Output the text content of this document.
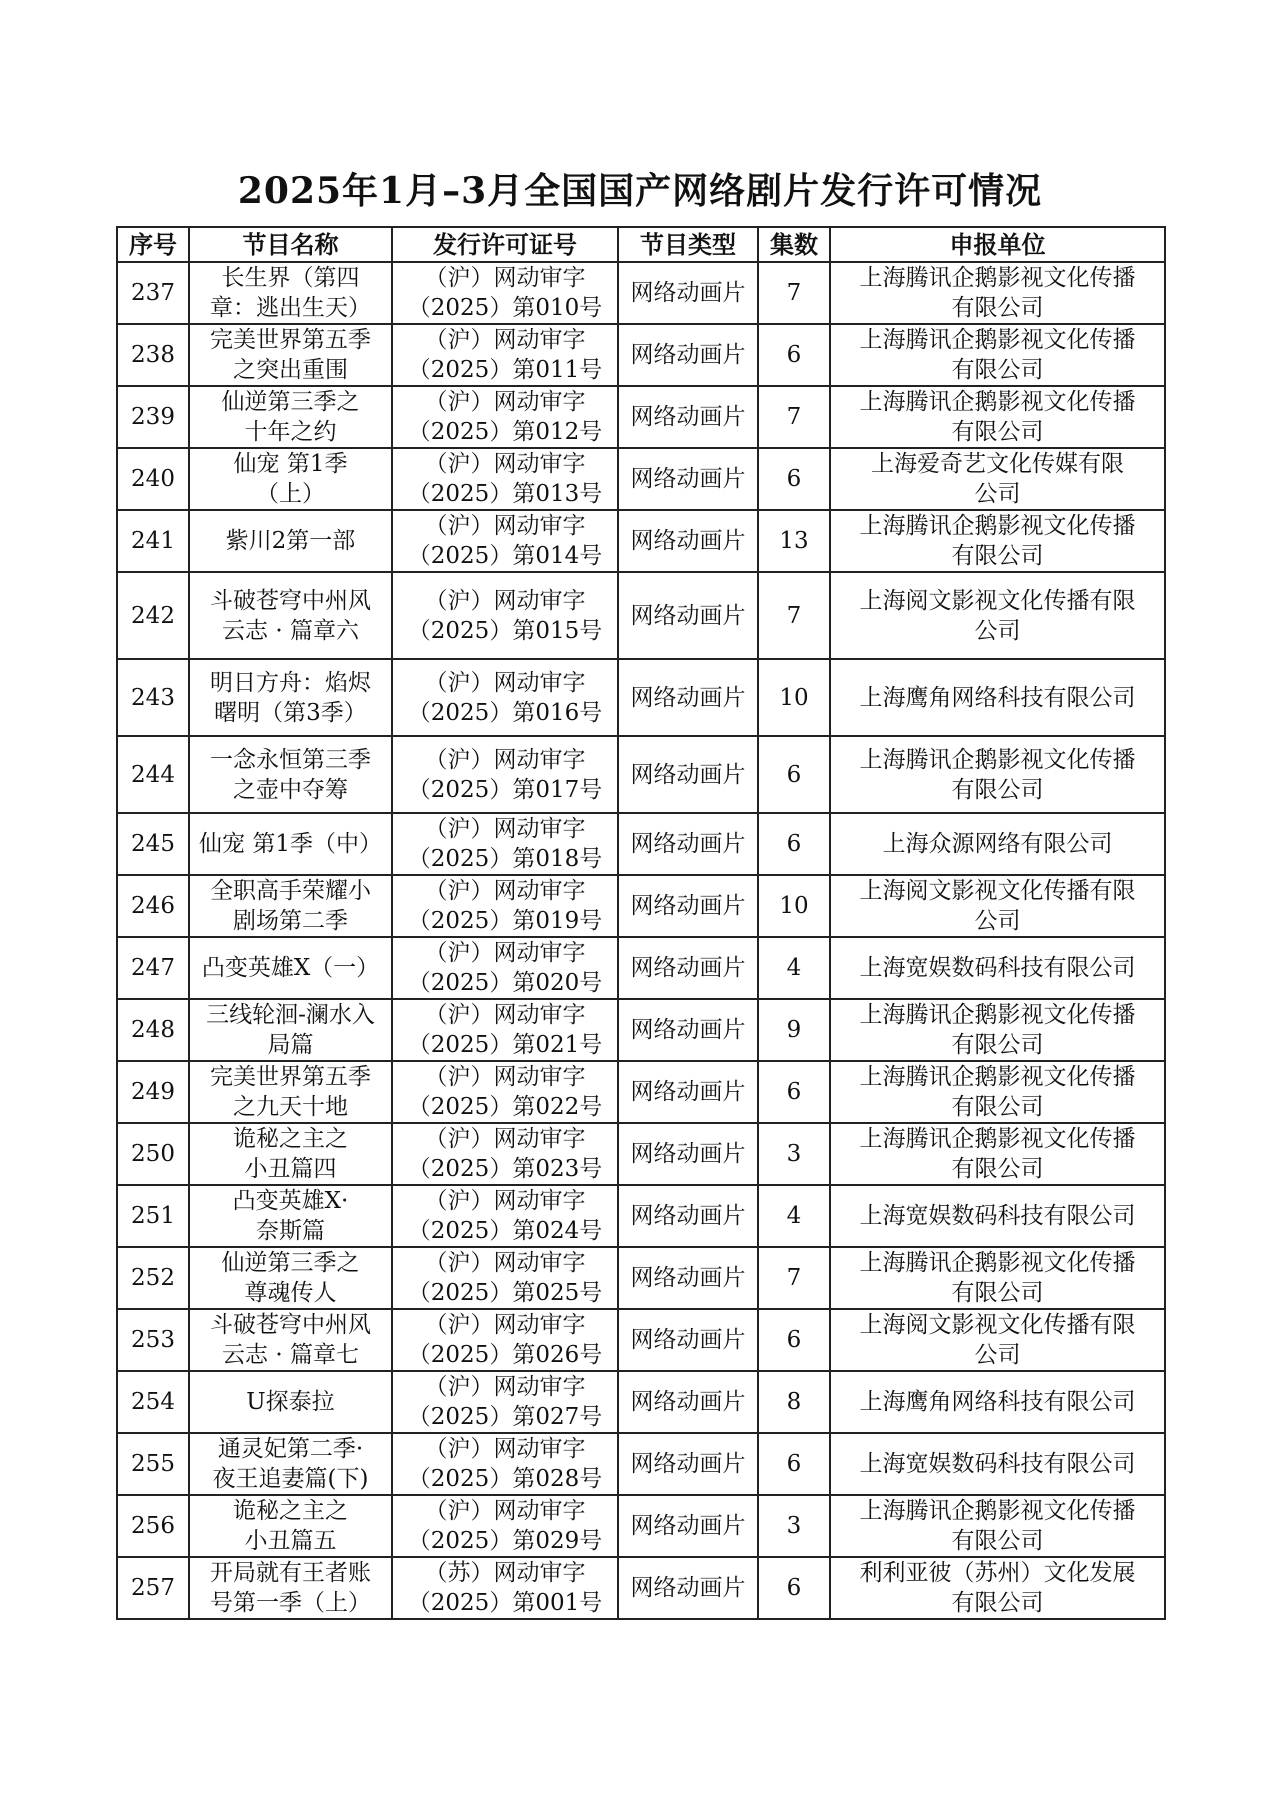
2025年1月–3月全国国产网络剧片发行许可情况
序号	节目名称	发行许可证号	节目类型	集数	申报单位
237	长生界（第四
章：逃出生天）	（沪）网动审字
（2025）第010号	网络动画片	7	上海腾讯企鹅影视文化传播
有限公司
238	完美世界第五季
之突出重围	（沪）网动审字
（2025）第011号	网络动画片	6	上海腾讯企鹅影视文化传播
有限公司
239	仙逆第三季之
十年之约	（沪）网动审字
（2025）第012号	网络动画片	7	上海腾讯企鹅影视文化传播
有限公司
240	仙宠 第1季
（上）	（沪）网动审字
（2025）第013号	网络动画片	6	上海爱奇艺文化传媒有限
公司
241	紫川2第一部	（沪）网动审字
（2025）第014号	网络动画片	13	上海腾讯企鹅影视文化传播
有限公司
242	斗破苍穹中州风
云志 · 篇章六	（沪）网动审字
（2025）第015号	网络动画片	7	上海阅文影视文化传播有限
公司
243	明日方舟：焰烬
曙明（第3季）	（沪）网动审字
（2025）第016号	网络动画片	10	上海鹰角网络科技有限公司
244	一念永恒第三季
之壶中夺筹	（沪）网动审字
（2025）第017号	网络动画片	6	上海腾讯企鹅影视文化传播
有限公司
245	仙宠 第1季（中）	（沪）网动审字
（2025）第018号	网络动画片	6	上海众源网络有限公司
246	全职高手荣耀小
剧场第二季	（沪）网动审字
（2025）第019号	网络动画片	10	上海阅文影视文化传播有限
公司
247	凸变英雄X（一）	（沪）网动审字
（2025）第020号	网络动画片	4	上海宽娱数码科技有限公司
248	三线轮洄-澜水入
局篇	（沪）网动审字
（2025）第021号	网络动画片	9	上海腾讯企鹅影视文化传播
有限公司
249	完美世界第五季
之九天十地	（沪）网动审字
（2025）第022号	网络动画片	6	上海腾讯企鹅影视文化传播
有限公司
250	诡秘之主之
小丑篇四	（沪）网动审字
（2025）第023号	网络动画片	3	上海腾讯企鹅影视文化传播
有限公司
251	凸变英雄X·
奈斯篇	（沪）网动审字
（2025）第024号	网络动画片	4	上海宽娱数码科技有限公司
252	仙逆第三季之
尊魂传人	（沪）网动审字
（2025）第025号	网络动画片	7	上海腾讯企鹅影视文化传播
有限公司
253	斗破苍穹中州风
云志 · 篇章七	（沪）网动审字
（2025）第026号	网络动画片	6	上海阅文影视文化传播有限
公司
254	U探泰拉	（沪）网动审字
（2025）第027号	网络动画片	8	上海鹰角网络科技有限公司
255	通灵妃第二季·
夜王追妻篇(下)	（沪）网动审字
（2025）第028号	网络动画片	6	上海宽娱数码科技有限公司
256	诡秘之主之
小丑篇五	（沪）网动审字
（2025）第029号	网络动画片	3	上海腾讯企鹅影视文化传播
有限公司
257	开局就有王者账
号第一季（上）	（苏）网动审字
（2025）第001号	网络动画片	6	利利亚彼（苏州）文化发展
有限公司
